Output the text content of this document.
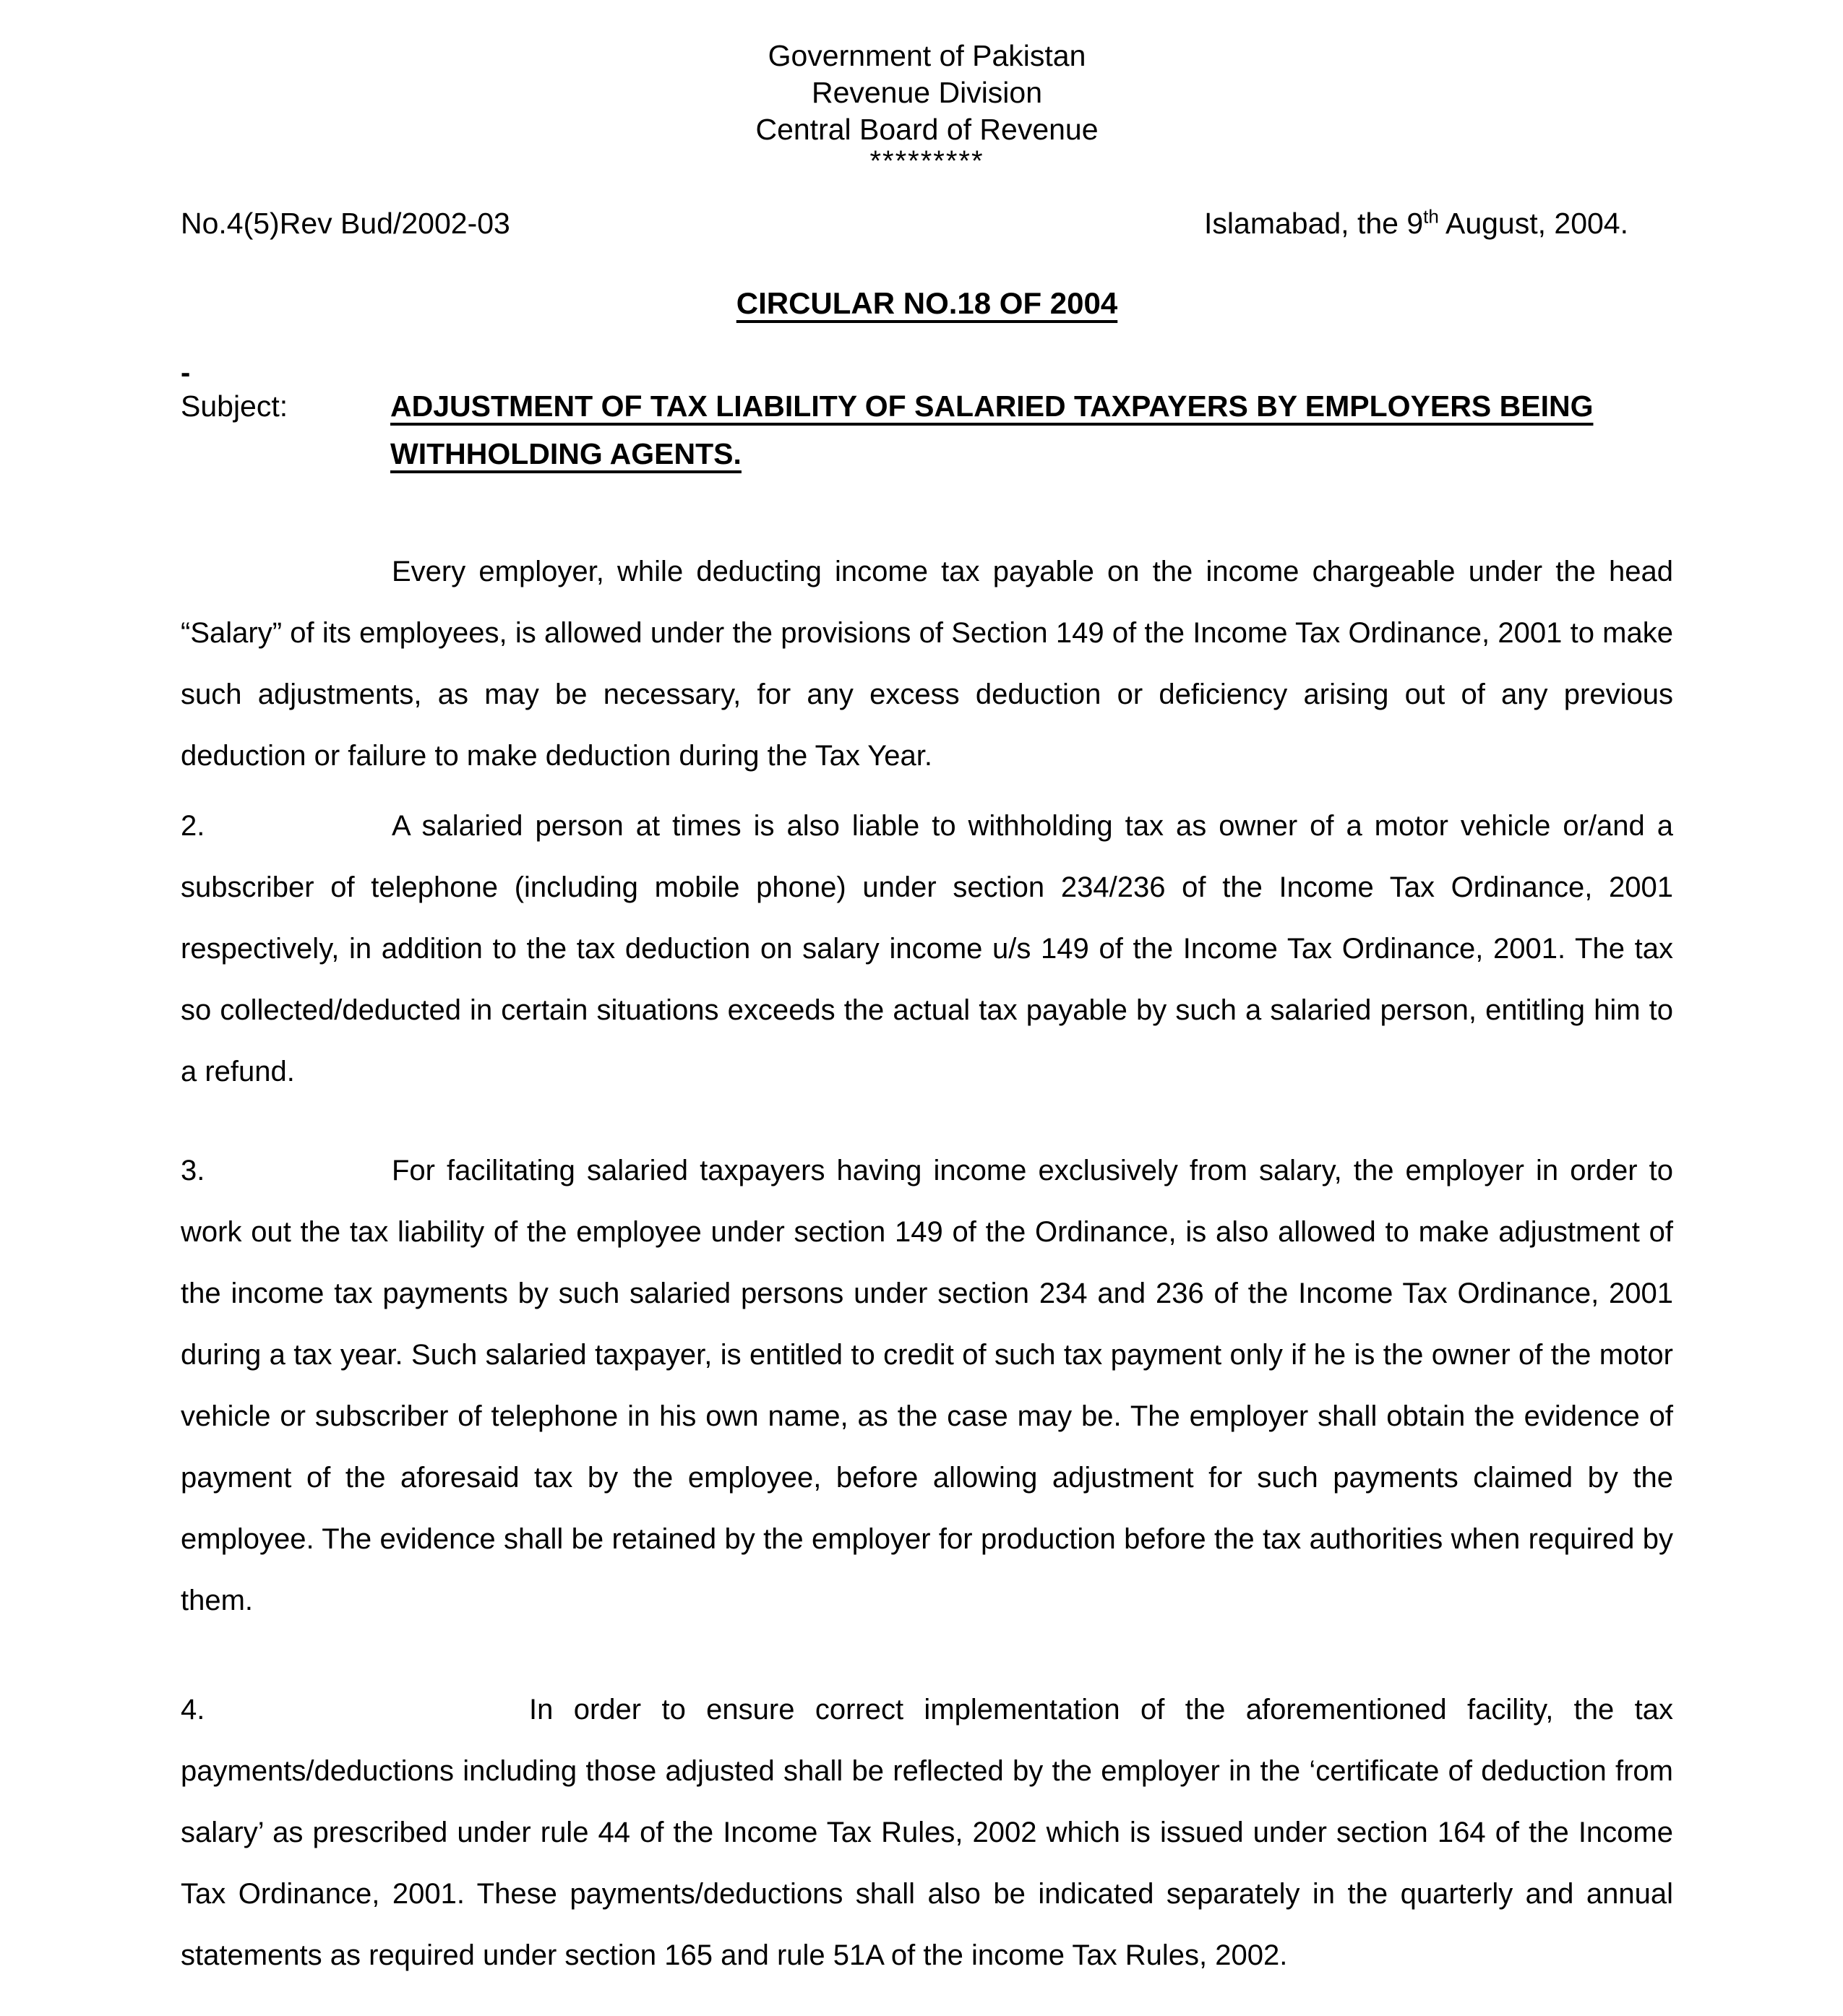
Government of Pakistan
Revenue Division
Central Board of Revenue
*********
No.4(5)Rev Bud/2002-03	Islamabad, the 9th August, 2004.
CIRCULAR NO.18 OF 2004
-
Subject:	ADJUSTMENT OF TAX LIABILITY OF SALARIED TAXPAYERS BY EMPLOYERS BEING WITHHOLDING AGENTS.

Every employer, while deducting income tax payable on the income chargeable under the head “Salary” of its employees, is allowed under the provisions of Section 149 of the Income Tax Ordinance, 2001 to make such adjustments, as may be necessary, for any excess deduction or deficiency arising out of any previous deduction or failure to make deduction during the Tax Year.

2.	A salaried person at times is also liable to withholding tax as owner of a motor vehicle or/and a subscriber of telephone (including mobile phone) under section 234/236 of the Income Tax Ordinance, 2001 respectively, in addition to the tax deduction on salary income u/s 149 of the Income Tax Ordinance, 2001. The tax so collected/deducted in certain situations exceeds the actual tax payable by such a salaried person, entitling him to a refund.

3.	For facilitating salaried taxpayers having income exclusively from salary, the employer in order to work out the tax liability of the employee under section 149 of the Ordinance, is also allowed to make adjustment of the income tax payments by such salaried persons under section 234 and 236 of the Income Tax Ordinance, 2001 during a tax year. Such salaried taxpayer, is entitled to credit of such tax payment only if he is the owner of the motor vehicle or subscriber of telephone in his own name, as the case may be. The employer shall obtain the evidence of payment of the aforesaid tax by the employee, before allowing adjustment for such payments claimed by the employee. The evidence shall be retained by the employer for production before the tax authorities when required by them.

4.	In order to ensure correct implementation of the aforementioned facility, the tax payments/deductions including those adjusted shall be reflected by the employer in the ‘certificate of deduction from salary’ as prescribed under rule 44 of the Income Tax Rules, 2002 which is issued under section 164 of the Income Tax Ordinance, 2001. These payments/deductions shall also be indicated separately in the quarterly and annual statements as required under section 165 and rule 51A of the income Tax Rules, 2002.
